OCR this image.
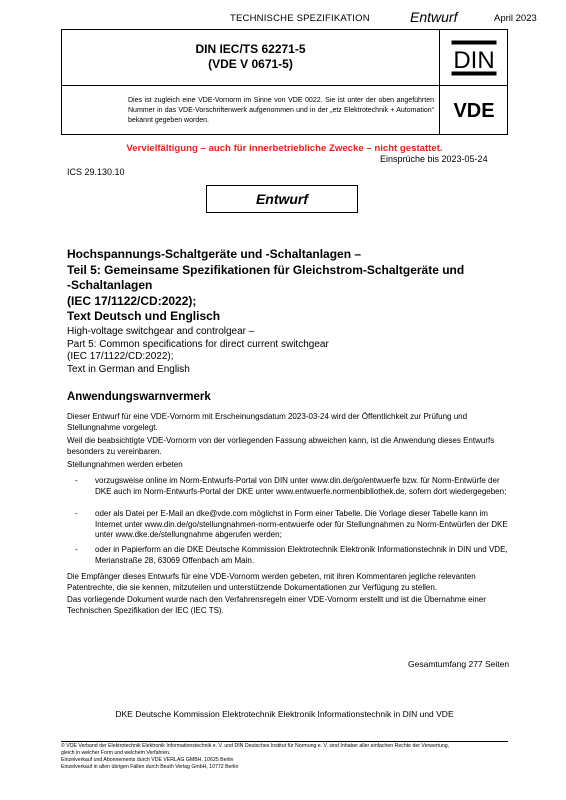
TECHNISCHE SPEZIFIKATION	Entwurf	April 2023
DIN IEC/TS 62271-5
(VDE V 0671-5)	DIN
Dies ist zugleich eine VDE-Vornorm im Sinne von VDE 0022. Sie ist unter der oben angeführten Nummer in das VDE-Vorschriftenwerk aufgenommen und in der „etz Elektrotechnik + Automation“ bekannt gegeben worden.	VDE
Vervielfältigung – auch für innerbetriebliche Zwecke – nicht gestattet.
Einsprüche bis 2023-05-24
ICS 29.130.10
Entwurf
Hochspannungs-Schaltgeräte und -Schaltanlagen –
Teil 5: Gemeinsame Spezifikationen für Gleichstrom-Schaltgeräte und
-Schaltanlagen
(IEC 17/1122/CD:2022);
Text Deutsch und Englisch
High-voltage switchgear and controlgear –
Part 5: Common specifications for direct current switchgear
(IEC 17/1122/CD:2022);
Text in German and English
Anwendungswarnvermerk
Dieser Entwurf für eine VDE-Vornorm mit Erscheinungsdatum 2023-03-24 wird der Öffentlichkeit zur Prüfung und Stellungnahme vorgelegt.
Weil die beabsichtigte VDE-Vornorm von der vorliegenden Fassung abweichen kann, ist die Anwendung dieses Entwurfs besonders zu vereinbaren.
Stellungnahmen werden erbeten
- vorzugsweise online im Norm-Entwurfs-Portal von DIN unter www.din.de/go/entwuerfe bzw. für Norm-Entwürfe der DKE auch im Norm-Entwurfs-Portal der DKE unter www.entwuerfe.normenbibliothek.de, sofern dort wiedergegeben;
- oder als Datei per E-Mail an dke@vde.com möglichst in Form einer Tabelle. Die Vorlage dieser Tabelle kann im Internet unter www.din.de/go/stellungnahmen-norm-entwuerfe oder für Stellungnahmen zu Norm-Entwürfen der DKE unter www.dke.de/stellungnahme abgerufen werden;
- oder in Papierform an die DKE Deutsche Kommission Elektrotechnik Elektronik Informationstechnik in DIN und VDE, Merianstraße 28, 63069 Offenbach am Main.
Die Empfänger dieses Entwurfs für eine VDE-Vornorm werden gebeten, mit ihren Kommentaren jegliche relevanten Patentrechte, die sie kennen, mitzuteilen und unterstützende Dokumentationen zur Verfügung zu stellen.
Das vorliegende Dokument wurde nach den Verfahrensregeln einer VDE-Vornorm erstellt und ist die Übernahme einer Technischen Spezifikation der IEC (IEC TS).
Gesamtumfang 277 Seiten
DKE Deutsche Kommission Elektrotechnik Elektronik Informationstechnik in DIN und VDE
© VDE Verband der Elektrotechnik Elektronik Informationstechnik e. V. und DIN Deutsches Institut für Normung e. V. sind Inhaber aller einfachen Rechte der Verwertung,
gleich in welcher Form und welchem Verfahren.
Einzelverkauf und Abonnements durch VDE VERLAG GMBH, 10625 Berlin
Einzelverkauf in allen übrigen Fällen durch Beuth Verlag GmbH, 10772 Berlin
